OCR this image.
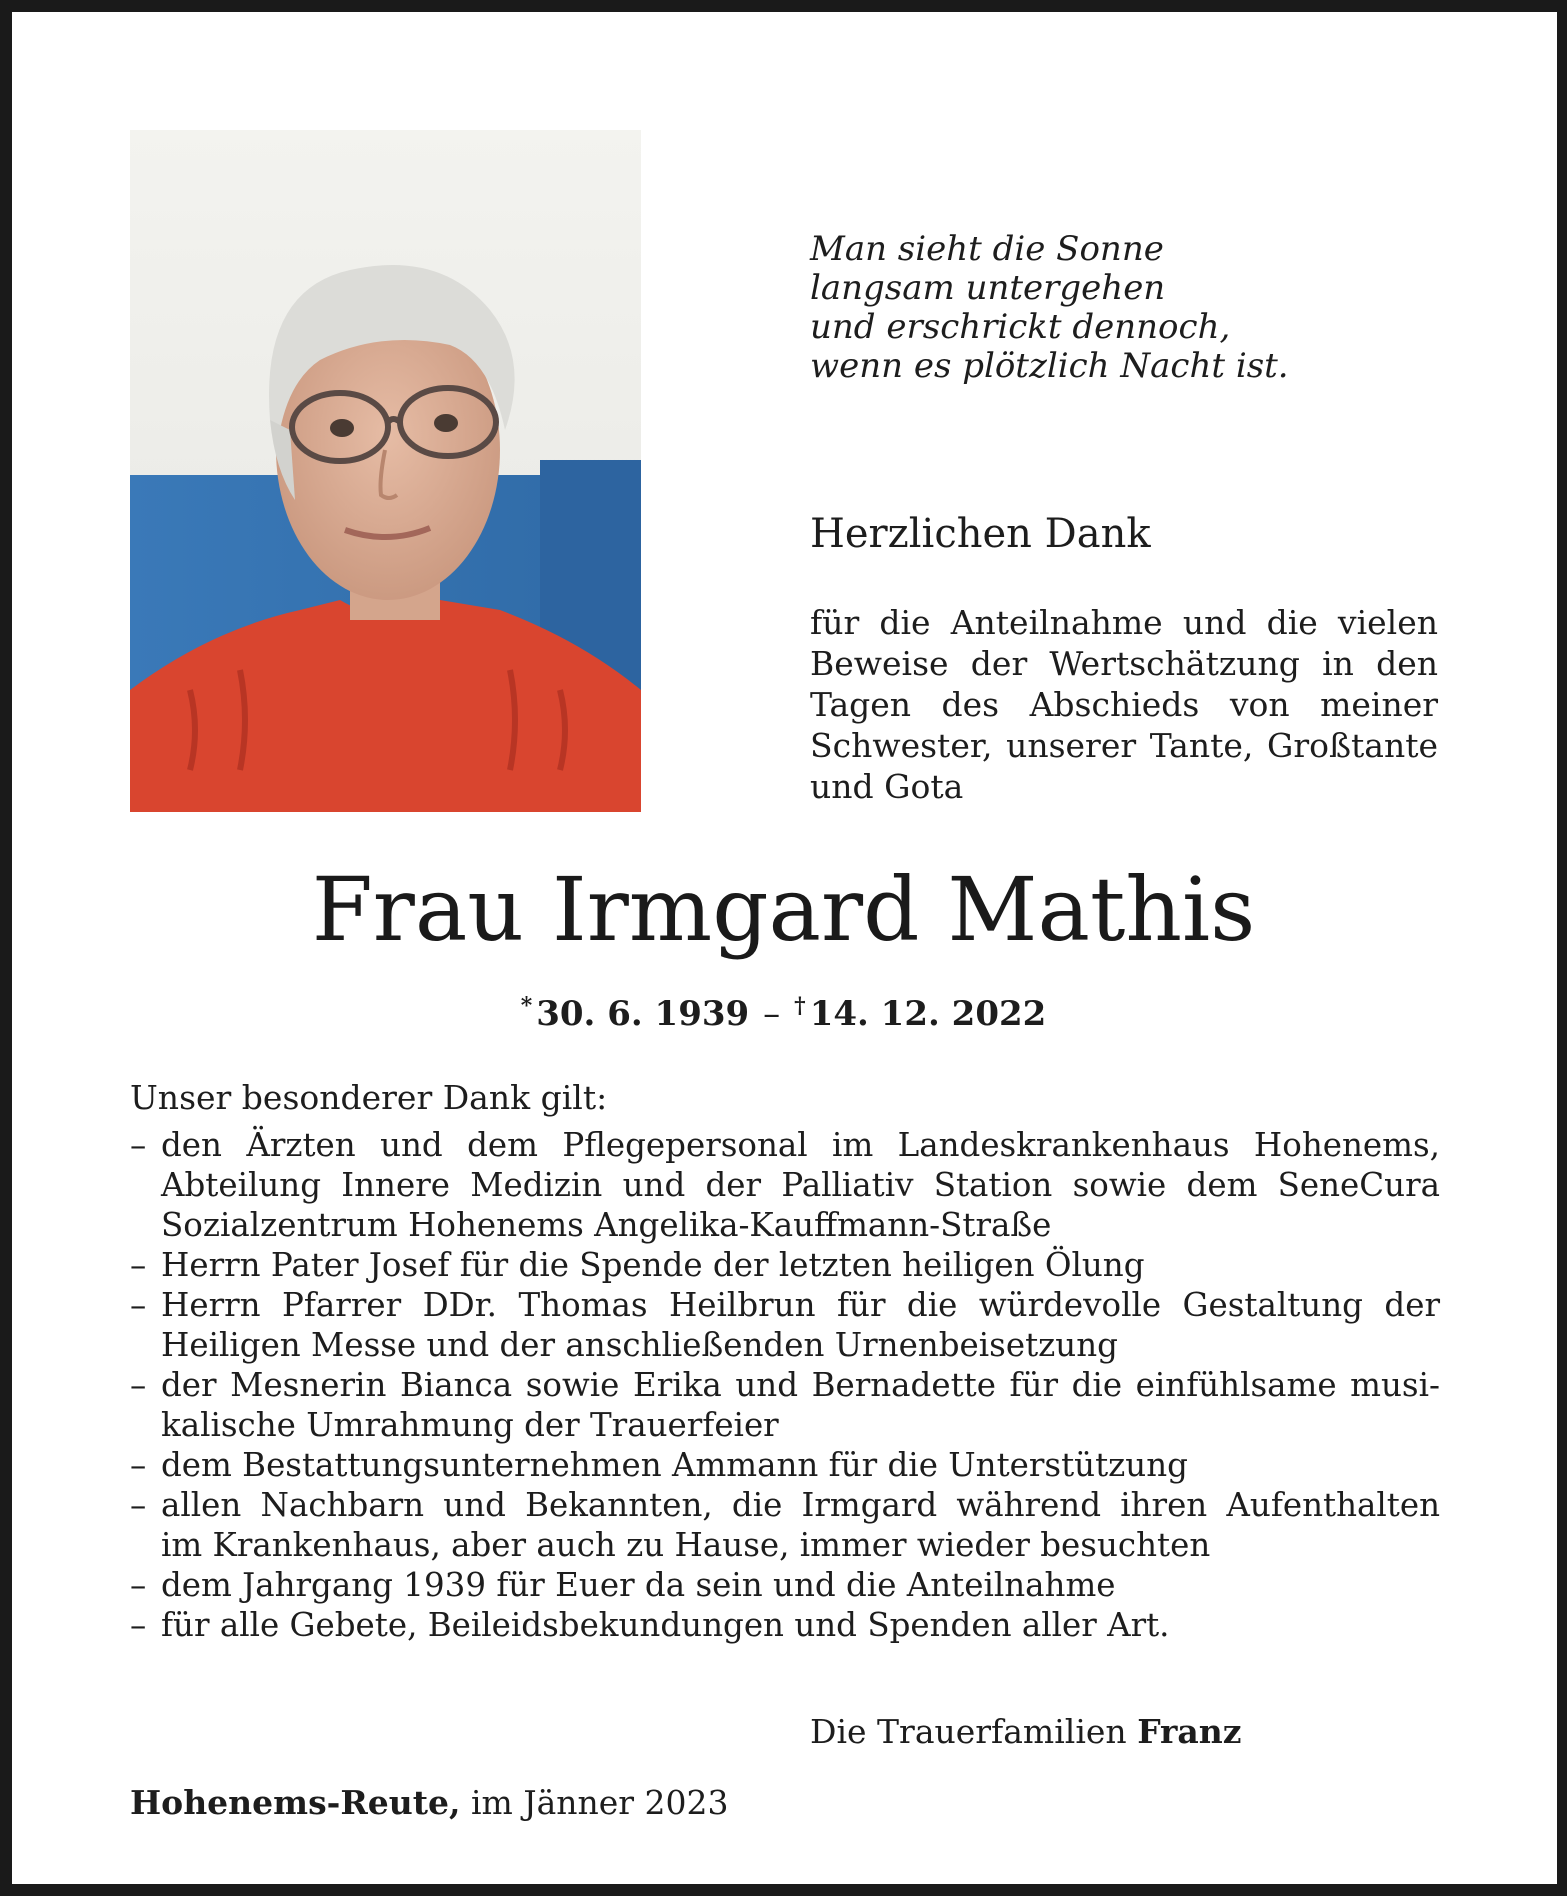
Man sieht die Sonne
langsam untergehen
und erschrickt dennoch,
wenn es plötzlich Nacht ist.
Herzlichen Dank
für die Anteilnahme und die vielen Beweise der Wertschätzung in den Tagen des Abschieds von meiner Schwester, unserer Tante, Großtante und Gota
Frau Irmgard Mathis
* 30. 6. 1939 – † 14. 12. 2022
Unser besonderer Dank gilt:
– den Ärzten und dem Pflegepersonal im Landeskrankenhaus Hohenems,
Abteilung Innere Medizin und der Palliativ Station sowie dem SeneCura
Sozialzentrum Hohenems Angelika-Kauffmann-Straße
– Herrn Pater Josef für die Spende der letzten heiligen Ölung
– Herrn Pfarrer DDr. Thomas Heilbrun für die würdevolle Gestaltung der
Heiligen Messe und der anschließenden Urnenbeisetzung
– der Mesnerin Bianca sowie Erika und Bernadette für die einfühlsame musi-
kalische Umrahmung der Trauerfeier
– dem Bestattungsunternehmen Ammann für die Unterstützung
– allen Nachbarn und Bekannten, die Irmgard während ihren Aufenthalten
im Krankenhaus, aber auch zu Hause, immer wieder besuchten
– dem Jahrgang 1939 für Euer da sein und die Anteilnahme
– für alle Gebete, Beileidsbekundungen und Spenden aller Art.
Die Trauerfamilien Franz
Hohenems-Reute, im Jänner 2023
